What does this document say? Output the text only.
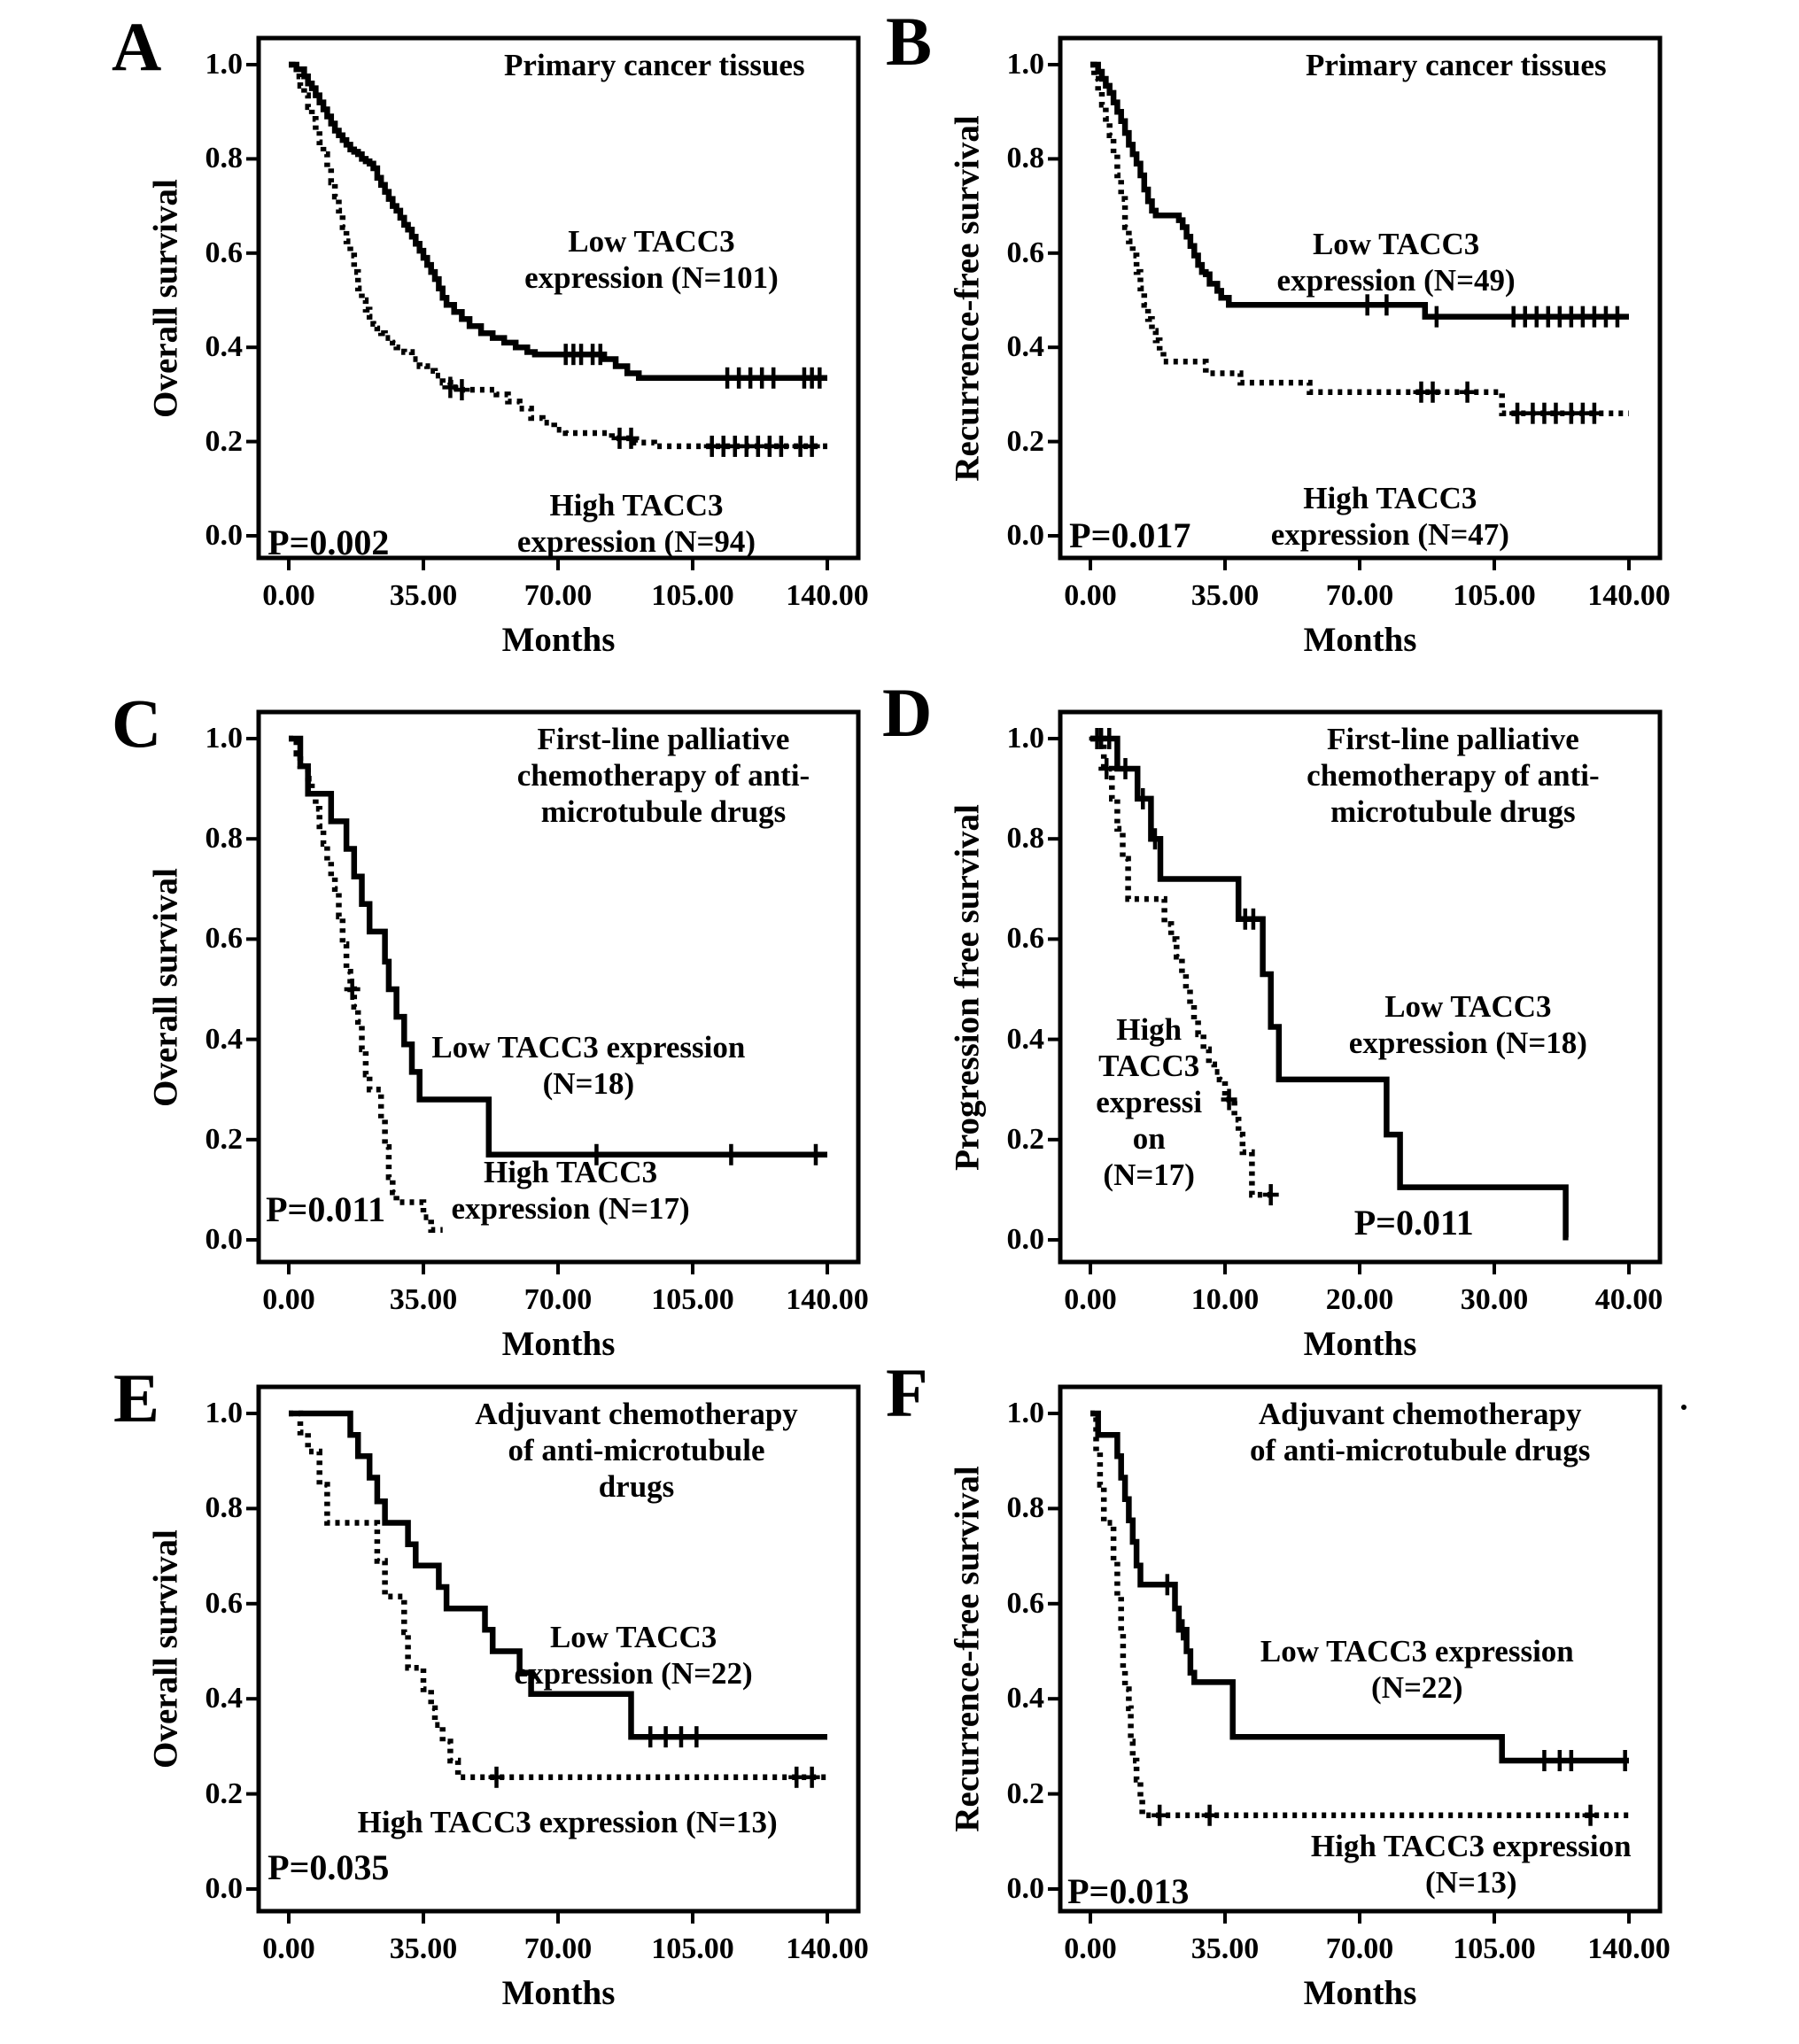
1.0
0.8
0.6
0.4
0.2
0.0
0.00 35.00 70.00 105.00 140.00
Months
Overall survival
A
Low TACC3
expression (N=101)
High TACC3
expression (N=94)
Primary cancer tissues
P=0.002
1.0
0.8
0.6
0.4
0.2
0.0
0.00 35.00 70.00 105.00 140.00
Months
Recurrence-free survival
B
Low TACC3
expression (N=49)
High TACC3
expression (N=47)
Primary cancer tissues
P=0.017
1.0
0.8
0.6
0.4
0.2
0.0
0.00 35.00 70.00 105.00 140.00
Months
Overall survival
C
Low TACC3 expression
(N=18)
High TACC3
expression (N=17)
First-line palliative
chemotherapy of anti-
microtubule drugs
P=0.011
1.0
0.8
0.6
0.4
0.2
0.0
0.00 10.00 20.00 30.00 40.00
Months
Progression free survival
D
Low TACC3
expression (N=18)
High
TACC3
expressi
on
(N=17)
First-line palliative
chemotherapy of anti-
microtubule drugs
P=0.011
1.0
0.8
0.6
0.4
0.2
0.0
0.00 35.00 70.00 105.00 140.00
Months
Overall survival
E
Low TACC3
expression (N=22)
High TACC3 expression (N=13)
Adjuvant chemotherapy
of anti-microtubule
drugs
P=0.035
1.0
0.8
0.6
0.4
0.2
0.0
0.00 35.00 70.00 105.00 140.00
Months
Recurrence-free survival
F
Low TACC3 expression
(N=22)
High TACC3 expression
(N=13)
Adjuvant chemotherapy
of anti-microtubule drugs
P=0.013
